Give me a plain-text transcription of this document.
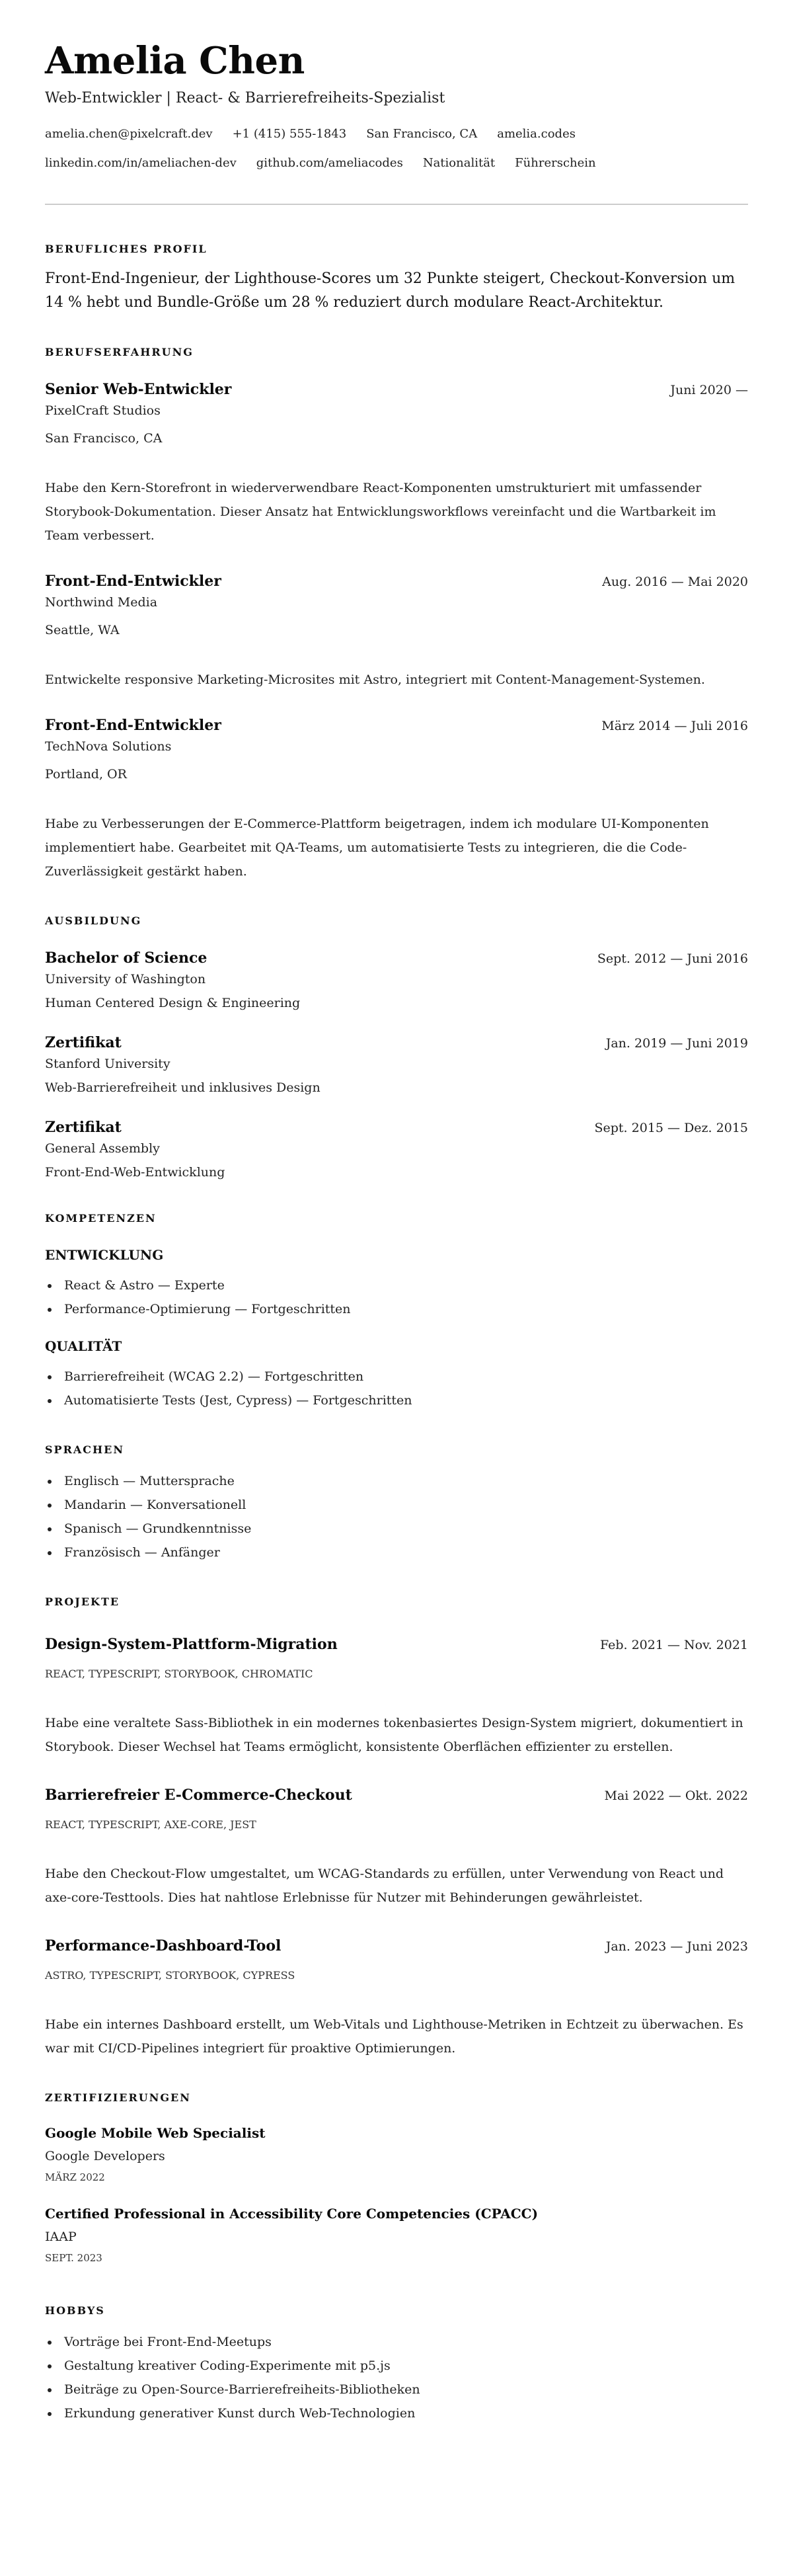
Amelia Chen
Web-Entwickler | React- & Barrierefreiheits-Spezialist
amelia.chen@pixelcraft.dev +1 (415) 555-1843 San Francisco, CA amelia.codes
linkedin.com/in/ameliachen-dev github.com/ameliacodes Nationalität Führerschein
BERUFLICHES PROFIL

Front-End-Ingenieur, der Lighthouse-Scores um 32 Punkte steigert, Checkout-Konversion um 14 % hebt und Bundle-Größe um 28 % reduziert durch modulare React-Architektur.

BERUFSERFAHRUNG
Senior Web-Entwickler	Juni 2020 —
PixelCraft Studios
San Francisco, CA

Habe den Kern-Storefront in wiederverwendbare React-Komponenten umstrukturiert mit umfassender Storybook-Dokumentation. Dieser Ansatz hat Entwicklungsworkflows vereinfacht und die Wartbarkeit im Team verbessert.

Front-End-Entwickler	Aug. 2016 — Mai 2020
Northwind Media
Seattle, WA

Entwickelte responsive Marketing-Microsites mit Astro, integriert mit Content-Management-Systemen.

Front-End-Entwickler	März 2014 — Juli 2016
TechNova Solutions
Portland, OR

Habe zu Verbesserungen der E-Commerce-Plattform beigetragen, indem ich modulare UI-Komponenten implementiert habe. Gearbeitet mit QA-Teams, um automatisierte Tests zu integrieren, die die Code-Zuverlässigkeit gestärkt haben.

AUSBILDUNG
Bachelor of Science	Sept. 2012 — Juni 2016
University of Washington
Human Centered Design & Engineering
Zertifikat	Jan. 2019 — Juni 2019
Stanford University
Web-Barrierefreiheit und inklusives Design
Zertifikat	Sept. 2015 — Dez. 2015
General Assembly
Front-End-Web-Entwicklung
KOMPETENZEN
ENTWICKLUNG
React & Astro — Experte
Performance-Optimierung — Fortgeschritten
QUALITÄT
Barrierefreiheit (WCAG 2.2) — Fortgeschritten
Automatisierte Tests (Jest, Cypress) — Fortgeschritten
SPRACHEN
Englisch — Muttersprache
Mandarin — Konversationell
Spanisch — Grundkenntnisse
Französisch — Anfänger
PROJEKTE
Design-System-Plattform-Migration	Feb. 2021 — Nov. 2021
REACT, TYPESCRIPT, STORYBOOK, CHROMATIC

Habe eine veraltete Sass-Bibliothek in ein modernes tokenbasiertes Design-System migriert, dokumentiert in Storybook. Dieser Wechsel hat Teams ermöglicht, konsistente Oberflächen effizienter zu erstellen.

Barrierefreier E-Commerce-Checkout	Mai 2022 — Okt. 2022
REACT, TYPESCRIPT, AXE-CORE, JEST

Habe den Checkout-Flow umgestaltet, um WCAG-Standards zu erfüllen, unter Verwendung von React und axe-core-Testtools. Dies hat nahtlose Erlebnisse für Nutzer mit Behinderungen gewährleistet.

Performance-Dashboard-Tool	Jan. 2023 — Juni 2023
ASTRO, TYPESCRIPT, STORYBOOK, CYPRESS

Habe ein internes Dashboard erstellt, um Web-Vitals und Lighthouse-Metriken in Echtzeit zu überwachen. Es war mit CI/CD-Pipelines integriert für proaktive Optimierungen.

ZERTIFIZIERUNGEN
Google Mobile Web Specialist
Google Developers
MÄRZ 2022
Certified Professional in Accessibility Core Competencies (CPACC)
IAAP
SEPT. 2023
HOBBYS
Vorträge bei Front-End-Meetups
Gestaltung kreativer Coding-Experimente mit p5.js
Beiträge zu Open-Source-Barrierefreiheits-Bibliotheken
Erkundung generativer Kunst durch Web-Technologien
